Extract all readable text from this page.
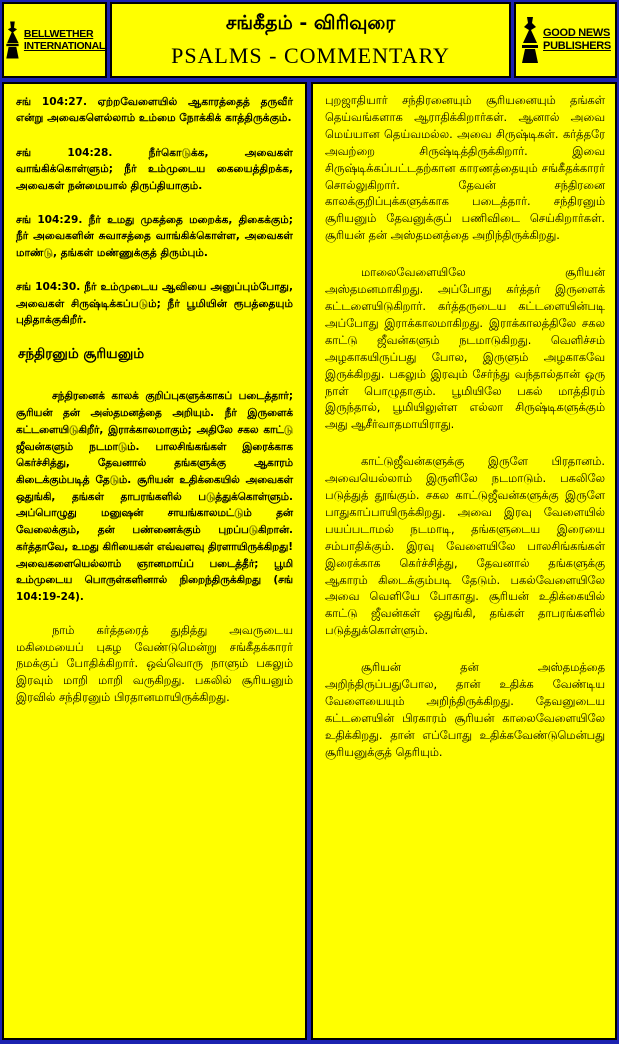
BELLWETHER
INTERNATIONAL
சங்கீதம் - விரிவுரை
PSALMS - COMMENTARY
GOOD NEWS
PUBLISHERS

சங் 104:27. ஏற்றவேளையில் ஆகாரத்தைத் தருவீர் என்று அவைகளெல்லாம் உம்மை நோக்கிக் காத்திருக்கும்.

சங் 104:28. நீர்கொடுக்க, அவைகள் வாங்கிக்கொள்ளும்; நீர் உம்முடைய கையைத்திறக்க, அவைகள் நன்மையால் திருப்தியாகும்.

சங் 104:29. நீர் உமது முகத்தை மறைக்க, திகைக்கும்; நீர் அவைகளின் சுவாசத்தை வாங்கிக்கொள்ள, அவைகள் மாண்டு, தங்கள் மண்ணுக்குத் திரும்பும்.

சங் 104:30. நீர் உம்முடைய ஆவியை அனுப்பும்போது, அவைகள் சிருஷ்டிக்கப்படும்; நீர் பூமியின் ரூபத்தையும் புதிதாக்குகிறீர்.

சந்திரனும் சூரியனும்

சந்திரனைக் காலக் குறிப்புகளுக்காகப் படைத்தார்; சூரியன் தன் அஸ்தமனத்தை அறியும். நீர் இருளைக் கட்டளையிடுகிறீர், இராக்காலமாகும்; அதிலே சகல காட்டு ஜீவன்களும் நடமாடும். பாலசிங்கங்கள் இரைக்காக கெர்ச்சித்து, தேவனால் தங்களுக்கு ஆகாரம் கிடைக்கும்படித் தேடும். சூரியன் உதிக்கையில் அவைகள் ஒதுங்கி, தங்கள் தாபரங்களில் படுத்துக்கொள்ளும். அப்பொழுது மனுஷன் சாயங்காலமட்டும் தன் வேலைக்கும், தன் பண்ணைக்கும் புறப்படுகிறான். கர்த்தாவே, உமது கிரியைகள் எவ்வளவு திரளாயிருக்கிறது! அவைகளையெல்லாம் ஞானமாய்ப் படைத்தீர்; பூமி உம்முடைய பொருள்களினால் நிறைந்திருக்கிறது (சங் 104:19-24).

நாம் கர்த்தரைத் துதித்து அவருடைய மகிமையைப் புகழ வேண்டுமென்று சங்கீதக்காரர் நமக்குப் போதிக்கிறார். ஒவ்வொரு நாளும் பகலும் இரவும் மாறி மாறி வருகிறது. பகலில் சூரியனும் இரவில் சந்திரனும் பிரதானமாயிருக்கிறது.

புறஜாதியார் சந்திரனையும் சூரியனையும் தங்கள் தெய்வங்களாக ஆராதிக்கிறார்கள். ஆனால் அவை மெய்யான தெய்வமல்ல. அவை சிருஷ்டிகள். கர்த்தரே அவற்றை சிருஷ்டித்திருக்கிறார். இவை சிருஷ்டிக்கப்பட்டதற்கான காரணத்தையும் சங்கீதக்காரர் சொல்லுகிறார். தேவன் சந்திரனை காலக்குறிப்புக்களுக்காக படைத்தார். சந்திரனும் சூரியனும் தேவனுக்குப் பணிவிடை செய்கிறார்கள். சூரியன் தன் அஸ்தமனத்தை அறிந்திருக்கிறது.

மாலைவேளையிலே சூரியன் அஸ்தமனமாகிறது. அப்போது கர்த்தர் இருளைக் கட்டளையிடுகிறார். கர்த்தருடைய கட்டளையின்படி அப்போது இராக்காலமாகிறது. இராக்காலத்திலே சகல காட்டு ஜீவன்களும் நடமாடுகிறது. வெளிச்சம் அழகாகயிருப்பது போல, இருளும் அழகாகவே இருக்கிறது. பகலும் இரவும் சேர்ந்து வந்தால்தான் ஒரு நாள் பொழுதாகும். பூமியிலே பகல் மாத்திரம் இருந்தால், பூமியிலுள்ள எல்லா சிருஷ்டிகளுக்கும் அது ஆசீர்வாதமாயிராது.

காட்டுஜீவன்களுக்கு இருளே பிரதானம். அவையெல்லாம் இருளிலே நடமாடும். பகலிலே படுத்துத் தூங்கும். சகல காட்டுஜீவன்களுக்கு இருளே பாதுகாப்பாயிருக்கிறது. அவை இரவு வேளையில் பயப்படாமல் நடமாடி, தங்களுடைய இரையை சம்பாதிக்கும். இரவு வேளையிலே பாலசிங்கங்கள் இரைக்காக கெர்ச்சித்து, தேவனால் தங்களுக்கு ஆகாரம் கிடைக்கும்படி தேடும். பகல்வேளையிலே அவை வெளியே போகாது. சூரியன் உதிக்கையில் காட்டு ஜீவன்கள் ஒதுங்கி, தங்கள் தாபரங்களில் படுத்துக்கொள்ளும்.

சூரியன் தன் அஸ்தமத்தை அறிந்திருப்பதுபோல, தான் உதிக்க வேண்டிய வேளையையும் அறிந்திருக்கிறது. தேவனுடைய கட்டளையின் பிரகாரம் சூரியன் காலைவேளையிலே உதிக்கிறது. தான் எப்போது உதிக்கவேண்டுமென்பது சூரியனுக்குத் தெரியும்.
